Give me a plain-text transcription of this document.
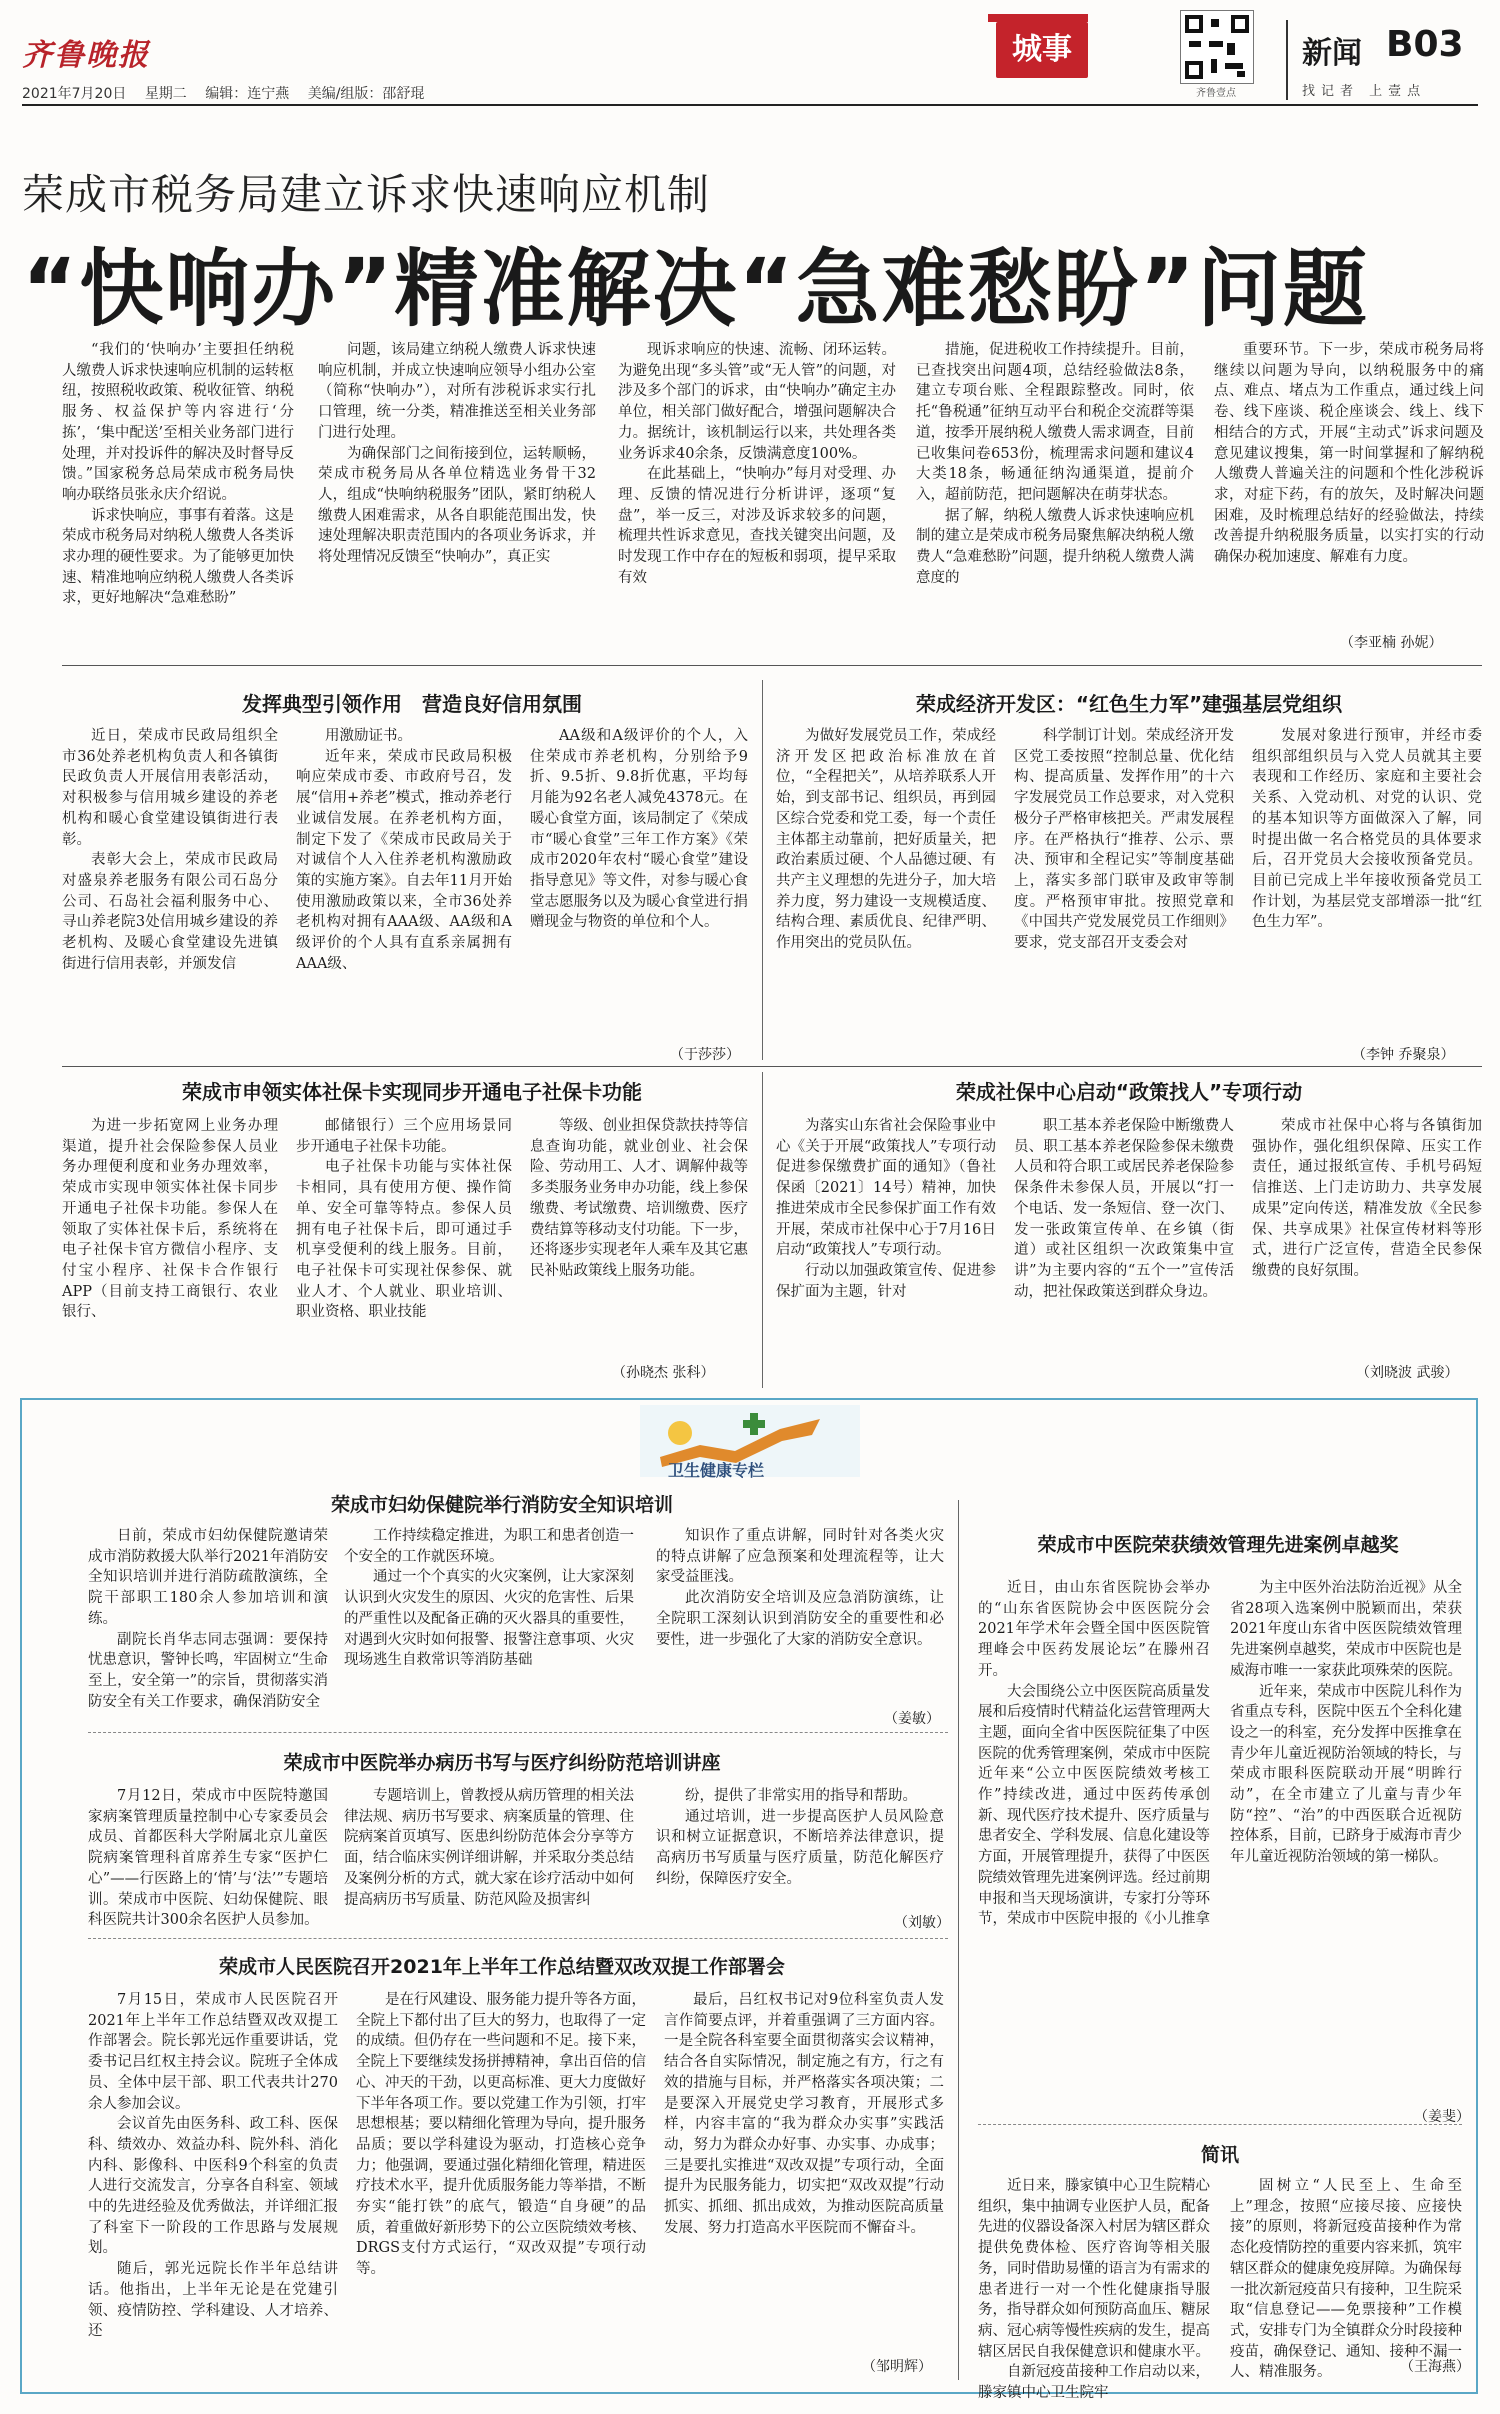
齐鲁晚报
2021年7月20日 星期二 编辑：连宁燕 美编/组版：邵舒琨
城事
齐鲁壹点
新闻 B03
找记者 上壹点
荣成市税务局建立诉求快速响应机制
“快响办”精准解决“急难愁盼”问题

“我们的‘快响办’主要担任纳税人缴费人诉求快速响应机制的运转枢纽，按照税收政策、税收征管、纳税服务、权益保护等内容进行‘分拣’，‘集中配送’至相关业务部门进行处理，并对投诉件的解决及时督导反馈。”国家税务总局荣成市税务局快响办联络员张永庆介绍说。

诉求快响应，事事有着落。这是荣成市税务局对纳税人缴费人各类诉求办理的硬性要求。为了能够更加快速、精准地响应纳税人缴费人各类诉求，更好地解决“急难愁盼”

问题，该局建立纳税人缴费人诉求快速响应机制，并成立快速响应领导小组办公室（简称“快响办”），对所有涉税诉求实行扎口管理，统一分类，精准推送至相关业务部门进行处理。

为确保部门之间衔接到位，运转顺畅，荣成市税务局从各单位精选业务骨干32人，组成“快响纳税服务”团队，紧盯纳税人缴费人困难需求，从各自职能范围出发，快速处理解决职责范围内的各项业务诉求，并将处理情况反馈至“快响办”，真正实

现诉求响应的快速、流畅、闭环运转。为避免出现“多头管”或“无人管”的问题，对涉及多个部门的诉求，由“快响办”确定主办单位，相关部门做好配合，增强问题解决合力。据统计，该机制运行以来，共处理各类业务诉求40余条，反馈满意度100%。

在此基础上，“快响办”每月对受理、办理、反馈的情况进行分析讲评，逐项“复盘”，举一反三，对涉及诉求较多的问题，梳理共性诉求意见，查找关键突出问题，及时发现工作中存在的短板和弱项，提早采取有效

措施，促进税收工作持续提升。目前，已查找突出问题4项，总结经验做法8条，建立专项台账、全程跟踪整改。同时，依托“鲁税通”征纳互动平台和税企交流群等渠道，按季开展纳税人缴费人需求调查，目前已收集问卷653份，梳理需求问题和建议4大类18条，畅通征纳沟通渠道，提前介入，超前防范，把问题解决在萌芽状态。

据了解，纳税人缴费人诉求快速响应机制的建立是荣成市税务局聚焦解决纳税人缴费人“急难愁盼”问题，提升纳税人缴费人满意度的

重要环节。下一步，荣成市税务局将继续以问题为导向，以纳税服务中的痛点、难点、堵点为工作重点，通过线上问卷、线下座谈、税企座谈会、线上、线下相结合的方式，开展“主动式”诉求问题及意见建议搜集，第一时间掌握和了解纳税人缴费人普遍关注的问题和个性化涉税诉求，对症下药，有的放矢，及时解决问题困难，及时梳理总结好的经验做法，持续改善提升纳税服务质量，以实打实的行动确保办税加速度、解难有力度。

（李亚楠 孙妮）
发挥典型引领作用　营造良好信用氛围

近日，荣成市民政局组织全市36处养老机构负责人和各镇街民政负责人开展信用表彰活动，对积极参与信用城乡建设的养老机构和暖心食堂建设镇街进行表彰。

表彰大会上，荣成市民政局对盛泉养老服务有限公司石岛分公司、石岛社会福利服务中心、寻山养老院3处信用城乡建设的养老机构、及暖心食堂建设先进镇街进行信用表彰，并颁发信

用激励证书。

近年来，荣成市民政局积极响应荣成市委、市政府号召，发展“信用+养老”模式，推动养老行业诚信发展。在养老机构方面，制定下发了《荣成市民政局关于对诚信个人入住养老机构激励政策的实施方案》。自去年11月开始使用激励政策以来，全市36处养老机构对拥有AAA级、AA级和A级评价的个人具有直系亲属拥有AAA级、

AA级和A级评价的个人，入住荣成市养老机构，分别给予9折、9.5折、9.8折优惠，平均每月能为92名老人减免4378元。在暖心食堂方面，该局制定了《荣成市“暖心食堂”三年工作方案》《荣成市2020年农村“暖心食堂”建设指导意见》等文件，对参与暖心食堂志愿服务以及为暖心食堂进行捐赠现金与物资的单位和个人。

（于莎莎）
荣成经济开发区：“红色生力军”建强基层党组织

为做好发展党员工作，荣成经济开发区把政治标准放在首位，“全程把关”，从培养联系人开始，到支部书记、组织员，再到园区综合党委和党工委，每一个责任主体都主动靠前，把好质量关，把政治素质过硬、个人品德过硬、有共产主义理想的先进分子，加大培养力度，努力建设一支规模适度、结构合理、素质优良、纪律严明、作用突出的党员队伍。

科学制订计划。荣成经济开发区党工委按照“控制总量、优化结构、提高质量、发挥作用”的十六字发展党员工作总要求，对入党积极分子严格审核把关。严肃发展程序。在严格执行“推荐、公示、票决、预审和全程记实”等制度基础上，落实多部门联审及政审等制度。严格预审审批。按照党章和《中国共产党发展党员工作细则》要求，党支部召开支委会对

发展对象进行预审，并经市委组织部组织员与入党人员就其主要表现和工作经历、家庭和主要社会关系、入党动机、对党的认识、党的基本知识等方面做深入了解，同时提出做一名合格党员的具体要求后，召开党员大会接收预备党员。目前已完成上半年接收预备党员工作计划，为基层党支部增添一批“红色生力军”。

（李钟 乔聚泉）
荣成市申领实体社保卡实现同步开通电子社保卡功能

为进一步拓宽网上业务办理渠道，提升社会保险参保人员业务办理便利度和业务办理效率，荣成市实现申领实体社保卡同步开通电子社保卡功能。参保人在领取了实体社保卡后，系统将在电子社保卡官方微信小程序、支付宝小程序、社保卡合作银行APP（目前支持工商银行、农业银行、

邮储银行）三个应用场景同步开通电子社保卡功能。

电子社保卡功能与实体社保卡相同，具有使用方便、操作简单、安全可靠等特点。参保人员拥有电子社保卡后，即可通过手机享受便利的线上服务。目前，电子社保卡可实现社保参保、就业人才、个人就业、职业培训、职业资格、职业技能

等级、创业担保贷款扶持等信息查询功能，就业创业、社会保险、劳动用工、人才、调解仲裁等多类服务业务申办功能，线上参保缴费、考试缴费、培训缴费、医疗费结算等移动支付功能。下一步，还将逐步实现老年人乘车及其它惠民补贴政策线上服务功能。

（孙晓杰 张科）
荣成社保中心启动“政策找人”专项行动

为落实山东省社会保险事业中心《关于开展“政策找人”专项行动促进参保缴费扩面的通知》（鲁社保函〔2021〕14号）精神，加快推进荣成市全民参保扩面工作有效开展，荣成市社保中心于7月16日启动“政策找人”专项行动。

行动以加强政策宣传、促进参保扩面为主题，针对

职工基本养老保险中断缴费人员、职工基本养老保险参保未缴费人员和符合职工或居民养老保险参保条件未参保人员，开展以“打一个电话、发一条短信、登一次门、发一张政策宣传单、在乡镇（街道）或社区组织一次政策集中宣讲”为主要内容的“五个一”宣传活动，把社保政策送到群众身边。

荣成市社保中心将与各镇街加强协作，强化组织保障、压实工作责任，通过报纸宣传、手机号码短信推送、上门走访助力、共享发展成果”定向传送，精准发放《全民参保、共享成果》社保宣传材料等形式，进行广泛宣传，营造全民参保缴费的良好氛围。

（刘晓波 武骏）
卫生健康专栏
荣成市妇幼保健院举行消防安全知识培训

日前，荣成市妇幼保健院邀请荣成市消防救援大队举行2021年消防安全知识培训并进行消防疏散演练，全院干部职工180余人参加培训和演练。

副院长肖华志同志强调：要保持忧患意识，警钟长鸣，牢固树立“生命至上，安全第一”的宗旨，贯彻落实消防安全有关工作要求，确保消防安全

工作持续稳定推进，为职工和患者创造一个安全的工作就医环境。

通过一个个真实的火灾案例，让大家深刻认识到火灾发生的原因、火灾的危害性、后果的严重性以及配备正确的灭火器具的重要性，对遇到火灾时如何报警、报警注意事项、火灾现场逃生自救常识等消防基础

知识作了重点讲解，同时针对各类火灾的特点讲解了应急预案和处理流程等，让大家受益匪浅。

此次消防安全培训及应急消防演练，让全院职工深刻认识到消防安全的重要性和必要性，进一步强化了大家的消防安全意识。

（姜敏）
荣成市中医院荣获绩效管理先进案例卓越奖

近日，由山东省医院协会举办的“山东省医院协会中医医院分会2021年学术年会暨全国中医医院管理峰会中医药发展论坛”在滕州召开。

大会围绕公立中医医院高质量发展和后疫情时代精益化运营管理两大主题，面向全省中医医院征集了中医医院的优秀管理案例，荣成市中医院近年来“公立中医医院绩效考核工作”持续改进，通过中医药传承创新、现代医疗技术提升、医疗质量与患者安全、学科发展、信息化建设等方面，开展管理提升，获得了中医医院绩效管理先进案例评选。经过前期申报和当天现场演讲，专家打分等环节，荣成市中医院申报的《小儿推拿

为主中医外治法防治近视》从全省28项入选案例中脱颖而出，荣获2021年度山东省中医医院绩效管理先进案例卓越奖，荣成市中医院也是威海市唯一一家获此项殊荣的医院。

近年来，荣成市中医院儿科作为省重点专科，医院中医五个全科化建设之一的科室，充分发挥中医推拿在青少年儿童近视防治领域的特长，与荣成市眼科医院联动开展“明眸行动”，在全市建立了儿童与青少年防“控”、“治”的中西医联合近视防控体系，目前，已跻身于威海市青少年儿童近视防治领域的第一梯队。

（姜斐）
荣成市中医院举办病历书写与医疗纠纷防范培训讲座

7月12日，荣成市中医院特邀国家病案管理质量控制中心专家委员会成员、首都医科大学附属北京儿童医院病案管理科首席养生专家“医护仁心”——行医路上的‘情’与‘法’”专题培训。荣成市中医院、妇幼保健院、眼科医院共计300余名医护人员参加。

专题培训上，曾教授从病历管理的相关法律法规、病历书写要求、病案质量的管理、住院病案首页填写、医患纠纷防范体会分享等方面，结合临床实例详细讲解，并采取分类总结及案例分析的方式，就大家在诊疗活动中如何提高病历书写质量、防范风险及损害纠

纷，提供了非常实用的指导和帮助。

通过培训，进一步提高医护人员风险意识和树立证据意识，不断培养法律意识，提高病历书写质量与医疗质量，防范化解医疗纠纷，保障医疗安全。

（刘敏）
荣成市人民医院召开2021年上半年工作总结暨双改双提工作部署会

7月15日，荣成市人民医院召开2021年上半年工作总结暨双改双提工作部署会。院长郭光远作重要讲话，党委书记吕红权主持会议。院班子全体成员、全体中层干部、职工代表共计270余人参加会议。

会议首先由医务科、政工科、医保科、绩效办、效益办科、院外科、消化内科、影像科、中医科9个科室的负责人进行交流发言，分享各自科室、领域中的先进经验及优秀做法，并详细汇报了科室下一阶段的工作思路与发展规划。

随后，郭光远院长作半年总结讲话。他指出，上半年无论是在党建引领、疫情防控、学科建设、人才培养、还

是在行风建设、服务能力提升等各方面，全院上下都付出了巨大的努力，也取得了一定的成绩。但仍存在一些问题和不足。接下来，全院上下要继续发扬拼搏精神，拿出百倍的信心、冲天的干劲，以更高标准、更大力度做好下半年各项工作。要以党建工作为引领，打牢思想根基；要以精细化管理为导向，提升服务品质；要以学科建设为驱动，打造核心竞争力；他强调，要通过强化精细化管理，精进医疗技术水平，提升优质服务能力等举措，不断夯实“能打铁”的底气，锻造“自身硬”的品质，着重做好新形势下的公立医院绩效考核、DRGS支付方式运行，“双改双提”专项行动等。

最后，吕红权书记对9位科室负责人发言作简要点评，并着重强调了三方面内容。一是全院各科室要全面贯彻落实会议精神，结合各自实际情况，制定施之有方，行之有效的措施与目标，并严格落实各项决策；二是要深入开展党史学习教育，开展形式多样，内容丰富的“我为群众办实事”实践活动，努力为群众办好事、办实事、办成事；三是要扎实推进“双改双提”专项行动，全面提升为民服务能力，切实把“双改双提”行动抓实、抓细、抓出成效，为推动医院高质量发展、努力打造高水平医院而不懈奋斗。

（邹明辉）
简讯

近日来，滕家镇中心卫生院精心组织，集中抽调专业医护人员，配备先进的仪器设备深入村居为辖区群众提供免费体检、医疗咨询等相关服务，同时借助易懂的语言为有需求的患者进行一对一个性化健康指导服务，指导群众如何预防高血压、糖尿病、冠心病等慢性疾病的发生，提高辖区居民自我保健意识和健康水平。

自新冠疫苗接种工作启动以来，滕家镇中心卫生院牢

固树立“人民至上、生命至上”理念，按照“应接尽接、应接快接”的原则，将新冠疫苗接种作为常态化疫情防控的重要内容来抓，筑牢辖区群众的健康免疫屏障。为确保每一批次新冠疫苗只有接种，卫生院采取“信息登记——免票接种”工作模式，安排专门为全镇群众分时段接种疫苗，确保登记、通知、接种不漏一人、精准服务。	（王海燕）
